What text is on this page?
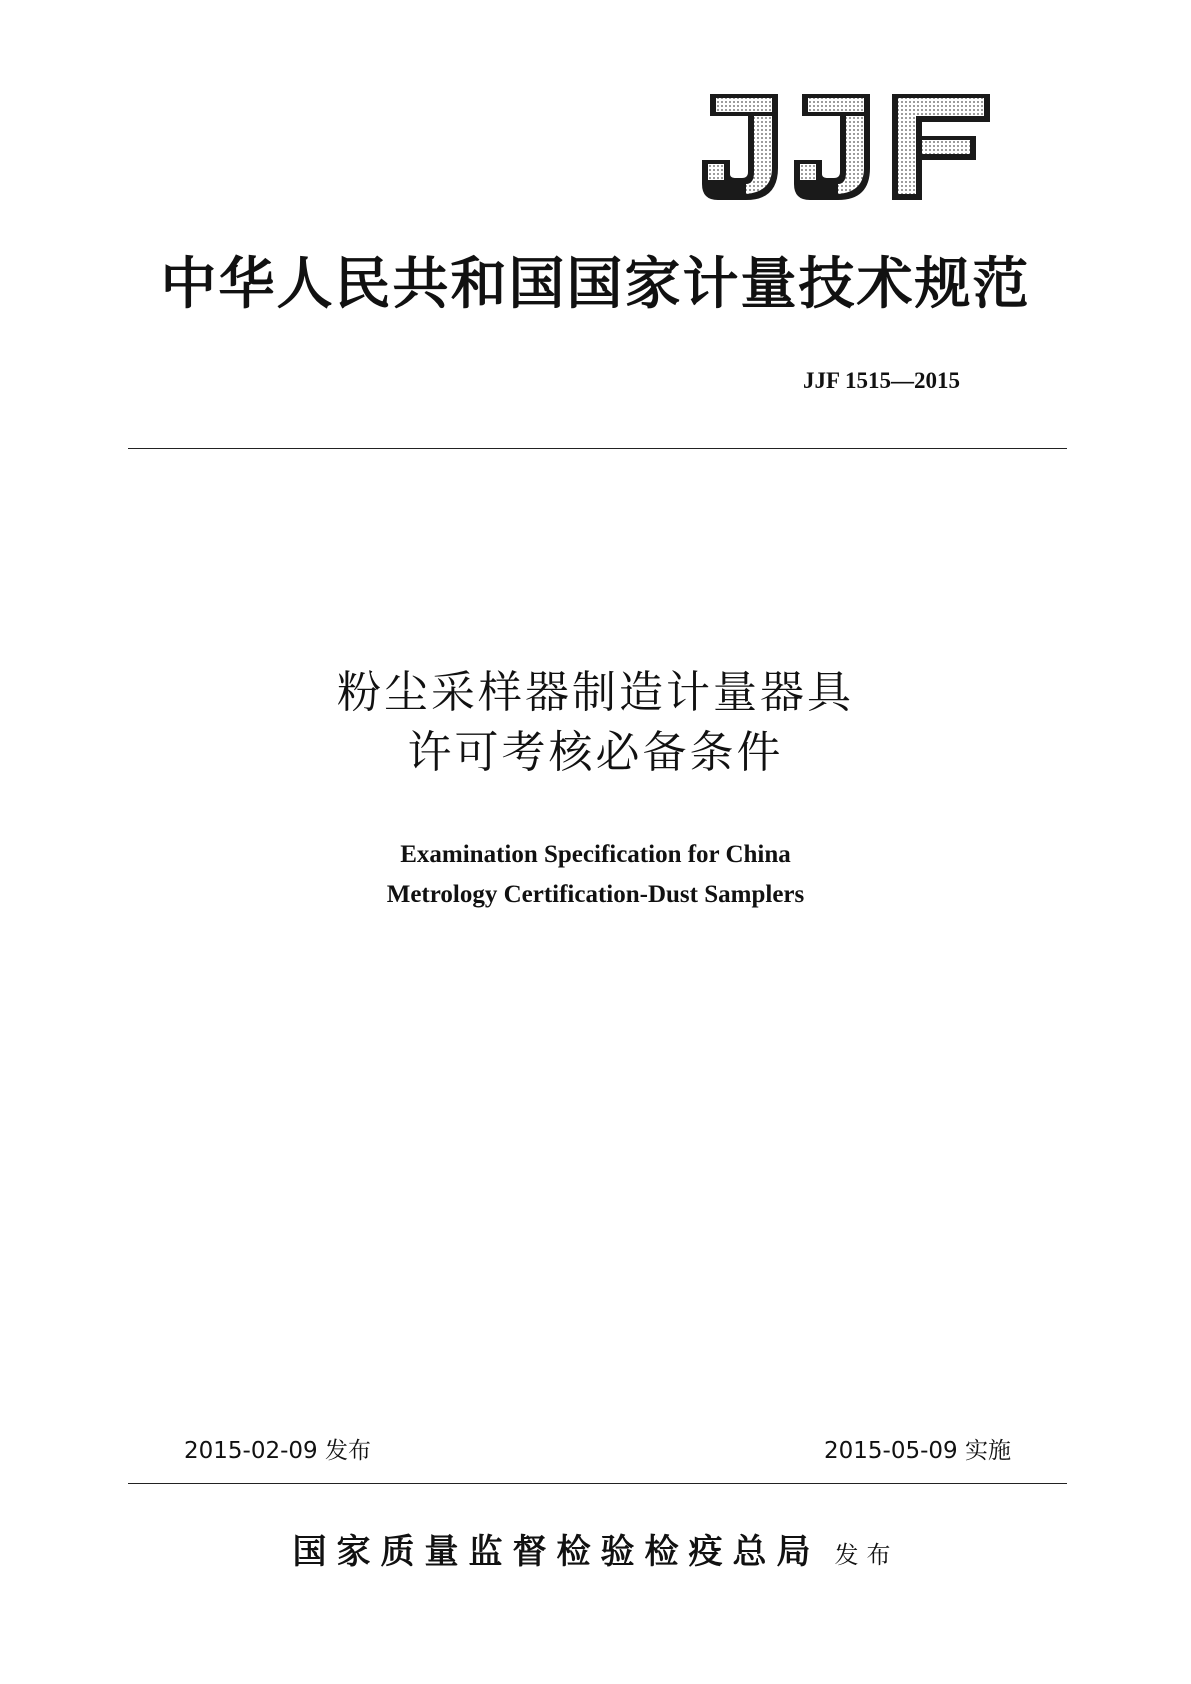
中华人民共和国国家计量技术规范
JJF 1515—2015
粉尘采样器制造计量器具
许可考核必备条件
Examination Specification for China
Metrology Certification-Dust Samplers
2015-02-09 发布	2015-05-09 实施
国家质量监督检验检疫总局 发布
